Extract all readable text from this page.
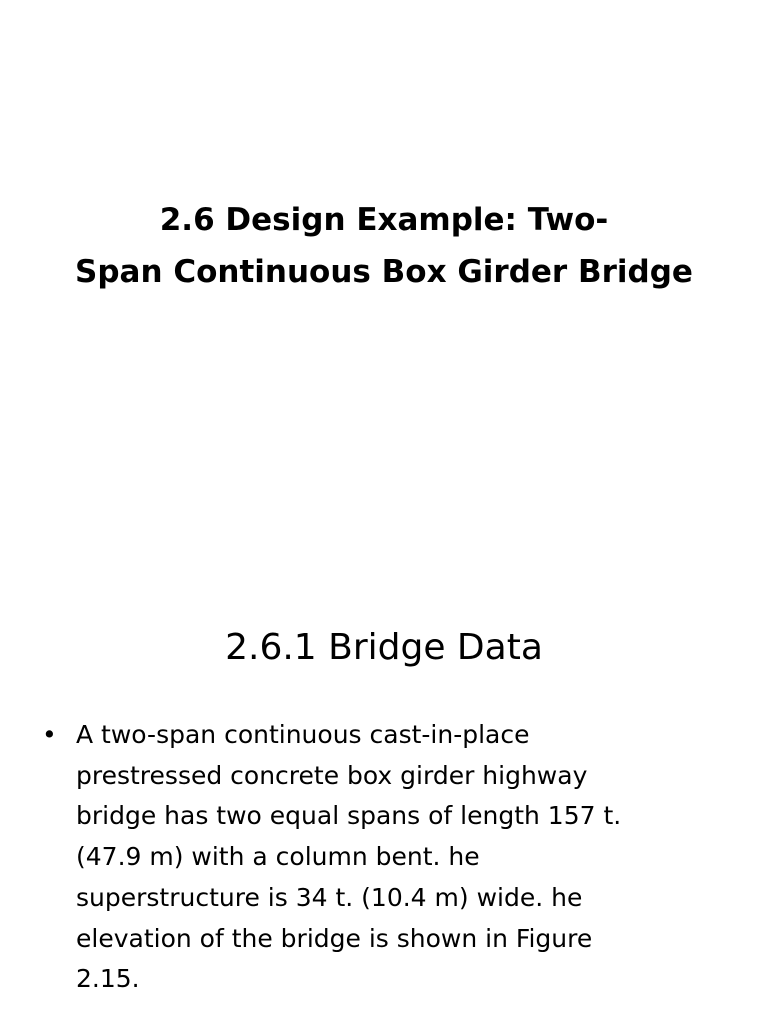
2.6 Design Example: Two-
Span Continuous Box Girder Bridge
2.6.1 Bridge Data
• A two-span continuous cast-in-place
prestressed concrete box girder highway
bridge has two equal spans of length 157 t.
(47.9 m) with a column bent. he
superstructure is 34 t. (10.4 m) wide. he
elevation of the bridge is shown in Figure
2.15.
